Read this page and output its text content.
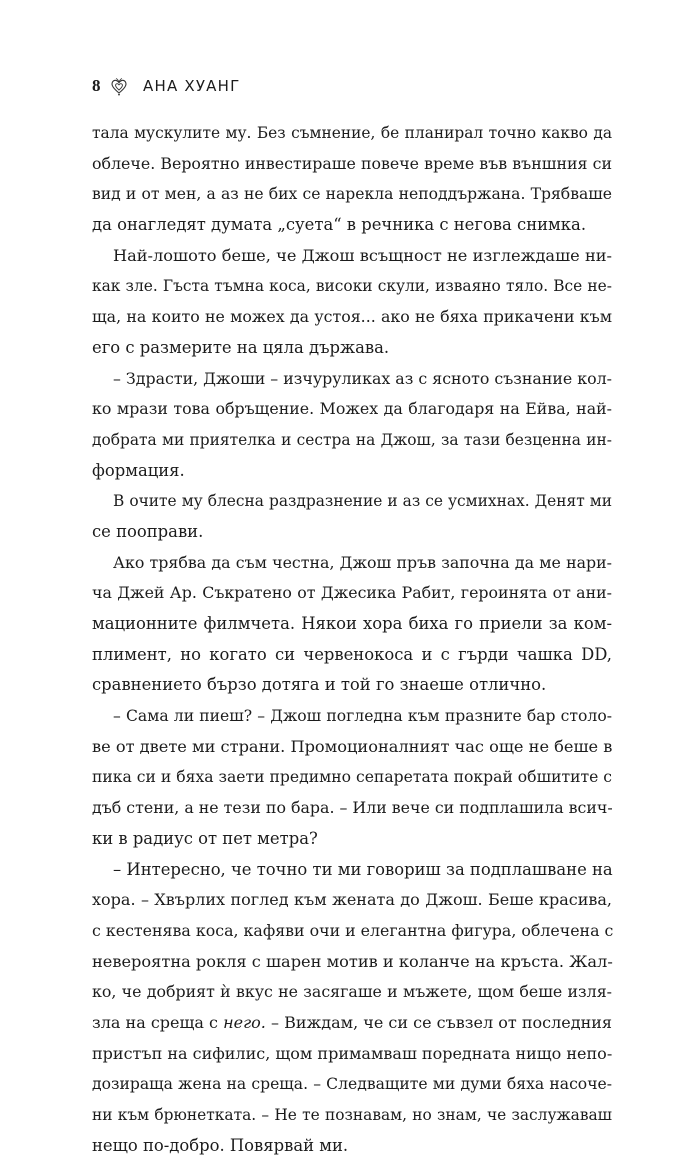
8	АНА ХУАНГ
тала мускулите му. Без съмнение, бе планирал точно какво да
облече. Вероятно инвестираше повече време във външния си
вид и от мен, а аз не бих се нарекла неподдържана. Трябваше
да онагледят думата „суета“ в речника с негова снимка.
Най-лошото беше, че Джош всъщност не изглеждаше ни-
как зле. Гъста тъмна коса, високи скули, изваяно тяло. Все не-
ща, на които не можех да устоя... ако не бяха прикачени към
его с размерите на цяла държава.
– Здрасти, Джоши – изчуруликах аз с ясното съзнание кол-
ко мрази това обръщение. Можех да благодаря на Ейва, най-
добрата ми приятелка и сестра на Джош, за тази безценна ин-
формация.
В очите му блесна раздразнение и аз се усмихнах. Денят ми
се пооправи.
Ако трябва да съм честна, Джош пръв започна да ме нари-
ча Джей Ар. Съкратено от Джесика Рабит, героинята от ани-
мационните филмчета. Някои хора биха го приели за ком-
плимент, но когато си червенокоса и с гърди чашка DD,
сравнението бързо дотяга и той го знаеше отлично.
– Сама ли пиеш? – Джош погледна към празните бар столо-
ве от двете ми страни. Промоционалният час още не беше в
пика си и бяха заети предимно сепаретата покрай обшитите с
дъб стени, а не тези по бара. – Или вече си подплашила всич-
ки в радиус от пет метра?
– Интересно, че точно ти ми говориш за подплашване на
хора. – Хвърлих поглед към жената до Джош. Беше красива,
с кестенява коса, кафяви очи и елегантна фигура, облечена с
невероятна рокля с шарен мотив и коланче на кръста. Жал-
ко, че добрият ѝ вкус не засягаше и мъжете, щом беше изля-
зла на среща с него. – Виждам, че си се съвзел от последния
пристъп на сифилис, щом примамваш поредната нищо непо-
дозираща жена на среща. – Следващите ми думи бяха насоче-
ни към брюнетката. – Не те познавам, но знам, че заслужаваш
нещо по-добро. Повярвай ми.
